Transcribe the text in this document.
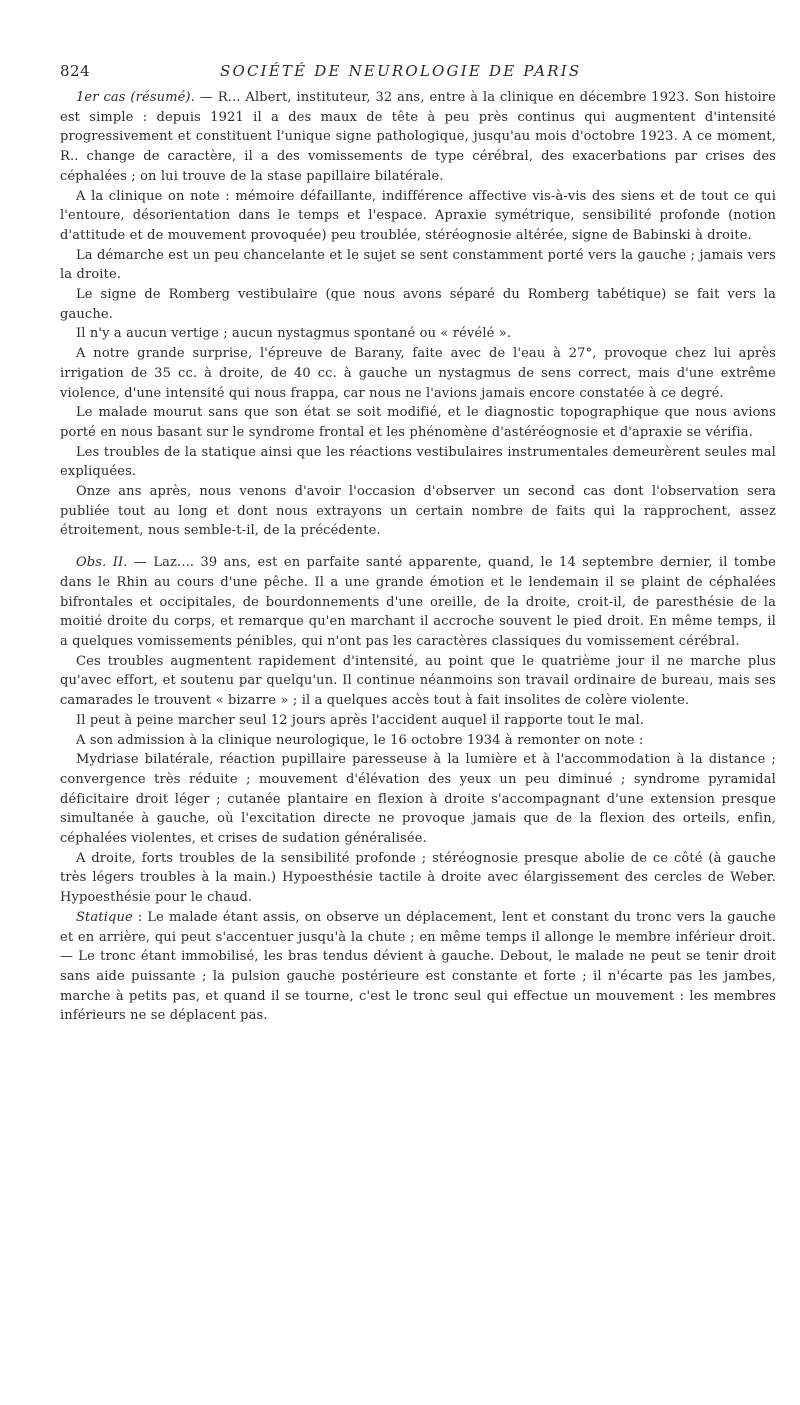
824	SOCIÉTÉ DE NEUROLOGIE DE PARIS

1er cas (résumé). — R... Albert, instituteur, 32 ans, entre à la clinique en décembre 1923. Son histoire est simple : depuis 1921 il a des maux de tête à peu près continus qui augmentent d'intensité progressivement et constituent l'unique signe pathologique, jusqu'au mois d'octobre 1923. A ce moment, R.. change de caractère, il a des vomissements de type cérébral, des exacerbations par crises des céphalées ; on lui trouve de la stase papillaire bilatérale.

A la clinique on note : mémoire défaillante, indifférence affective vis-à-vis des siens et de tout ce qui l'entoure, désorientation dans le temps et l'espace. Apraxie symétrique, sensibilité profonde (notion d'attitude et de mouvement provoquée) peu troublée, stéréognosie altérée, signe de Babinski à droite.

La démarche est un peu chancelante et le sujet se sent constamment porté vers la gauche ; jamais vers la droite.

Le signe de Romberg vestibulaire (que nous avons séparé du Romberg tabétique) se fait vers la gauche.

Il n'y a aucun vertige ; aucun nystagmus spontané ou « révélé ».

A notre grande surprise, l'épreuve de Barany, faite avec de l'eau à 27°, provoque chez lui après irrigation de 35 cc. à droite, de 40 cc. à gauche un nystagmus de sens correct, mais d'une extrême violence, d'une intensité qui nous frappa, car nous ne l'avions jamais encore constatée à ce degré.

Le malade mourut sans que son état se soit modifié, et le diagnostic topographique que nous avions porté en nous basant sur le syndrome frontal et les phénomène d'astéréognosie et d'apraxie se vérifia.

Les troubles de la statique ainsi que les réactions vestibulaires instrumentales demeurèrent seules mal expliquées.

Onze ans après, nous venons d'avoir l'occasion d'observer un second cas dont l'observation sera publiée tout au long et dont nous extrayons un certain nombre de faits qui la rapprochent, assez étroitement, nous semble-t-il, de la précédente.

Obs. II. — Laz.... 39 ans, est en parfaite santé apparente, quand, le 14 septembre dernier, il tombe dans le Rhin au cours d'une pêche. Il a une grande émotion et le lendemain il se plaint de céphalées bifrontales et occipitales, de bourdonnements d'une oreille, de la droite, croit-il, de paresthésie de la moitié droite du corps, et remarque qu'en marchant il accroche souvent le pied droit. En même temps, il a quelques vomissements pénibles, qui n'ont pas les caractères classiques du vomissement cérébral.

Ces troubles augmentent rapidement d'intensité, au point que le quatrième jour il ne marche plus qu'avec effort, et soutenu par quelqu'un. Il continue néanmoins son travail ordinaire de bureau, mais ses camarades le trouvent « bizarre » ; il a quelques accès tout à fait insolites de colère violente.

Il peut à peine marcher seul 12 jours après l'accident auquel il rapporte tout le mal.

A son admission à la clinique neurologique, le 16 octobre 1934 à remonter on note :

Mydriase bilatérale, réaction pupillaire paresseuse à la lumière et à l'accommodation à la distance ; convergence très réduite ; mouvement d'élévation des yeux un peu diminué ; syndrome pyramidal déficitaire droit léger ; cutanée plantaire en flexion à droite s'accompagnant d'une extension presque simultanée à gauche, où l'excitation directe ne provoque jamais que de la flexion des orteils, enfin, céphalées violentes, et crises de sudation généralisée.

A droite, forts troubles de la sensibilité profonde ; stéréognosie presque abolie de ce côté (à gauche très légers troubles à la main.) Hypoesthésie tactile à droite avec élargissement des cercles de Weber. Hypoesthésie pour le chaud.

Statique : Le malade étant assis, on observe un déplacement, lent et constant du tronc vers la gauche et en arrière, qui peut s'accentuer jusqu'à la chute ; en même temps il allonge le membre inférieur droit. — Le tronc étant immobilisé, les bras tendus dévient à gauche. Debout, le malade ne peut se tenir droit sans aide puissante ; la pulsion gauche postérieure est constante et forte ; il n'écarte pas les jambes, marche à petits pas, et quand il se tourne, c'est le tronc seul qui effectue un mouvement : les membres inférieurs ne se déplacent pas.
